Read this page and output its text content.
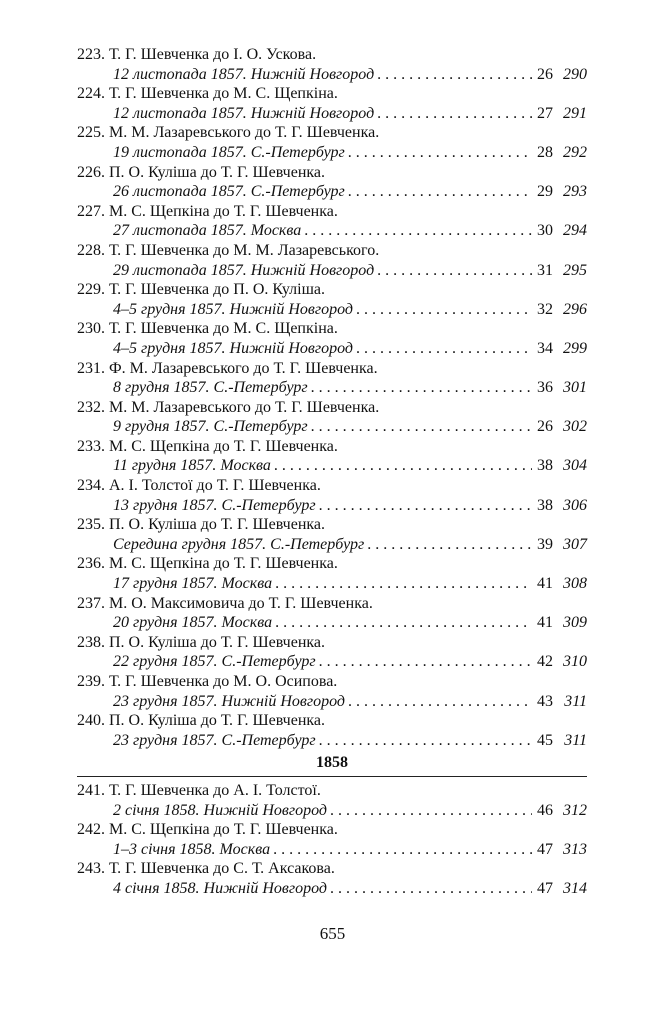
223. Т. Г. Шевченка до І. О. Ускова.
12 листопада 1857. Нижній Новгород . . .	26 290
224. Т. Г. Шевченка до М. С. Щепкіна.
12 листопада 1857. Нижній Новгород . . .	27 291
225. М. М. Лазаревського до Т. Г. Шевченка.
19 листопада 1857. С.-Петербург . . .	28 292
226. П. О. Куліша до Т. Г. Шевченка.
26 листопада 1857. С.-Петербург . . .	29 293
227. М. С. Щепкіна до Т. Г. Шевченка.
27 листопада 1857. Москва . . .	30 294
228. Т. Г. Шевченка до М. М. Лазаревського.
29 листопада 1857. Нижній Новгород . . .	31 295
229. Т. Г. Шевченка до П. О. Куліша.
4–5 грудня 1857. Нижній Новгород . . .	32 296
230. Т. Г. Шевченка до М. С. Щепкіна.
4–5 грудня 1857. Нижній Новгород . . .	34 299
231. Ф. М. Лазаревського до Т. Г. Шевченка.
8 грудня 1857. С.-Петербург . . .	36 301
232. М. М. Лазаревського до Т. Г. Шевченка.
9 грудня 1857. С.-Петербург . . .	26 302
233. М. С. Щепкіна до Т. Г. Шевченка.
11 грудня 1857. Москва . . .	38 304
234. А. І. Толстої до Т. Г. Шевченка.
13 грудня 1857. С.-Петербург . . .	38 306
235. П. О. Куліша до Т. Г. Шевченка.
Середина грудня 1857. С.-Петербург . . .	39 307
236. М. С. Щепкіна до Т. Г. Шевченка.
17 грудня 1857. Москва . . .	41 308
237. М. О. Максимовича до Т. Г. Шевченка.
20 грудня 1857. Москва . . .	41 309
238. П. О. Куліша до Т. Г. Шевченка.
22 грудня 1857. С.-Петербург . . .	42 310
239. Т. Г. Шевченка до М. О. Осипова.
23 грудня 1857. Нижній Новгород . . .	43 311
240. П. О. Куліша до Т. Г. Шевченка.
23 грудня 1857. С.-Петербург . . .	45 311
1858
241. Т. Г. Шевченка до А. І. Толстої.
2 січня 1858. Нижній Новгород . . .	46 312
242. М. С. Щепкіна до Т. Г. Шевченка.
1–3 січня 1858. Москва . . .	47 313
243. Т. Г. Шевченка до С. Т. Аксакова.
4 січня 1858. Нижній Новгород . . .	47 314
655
